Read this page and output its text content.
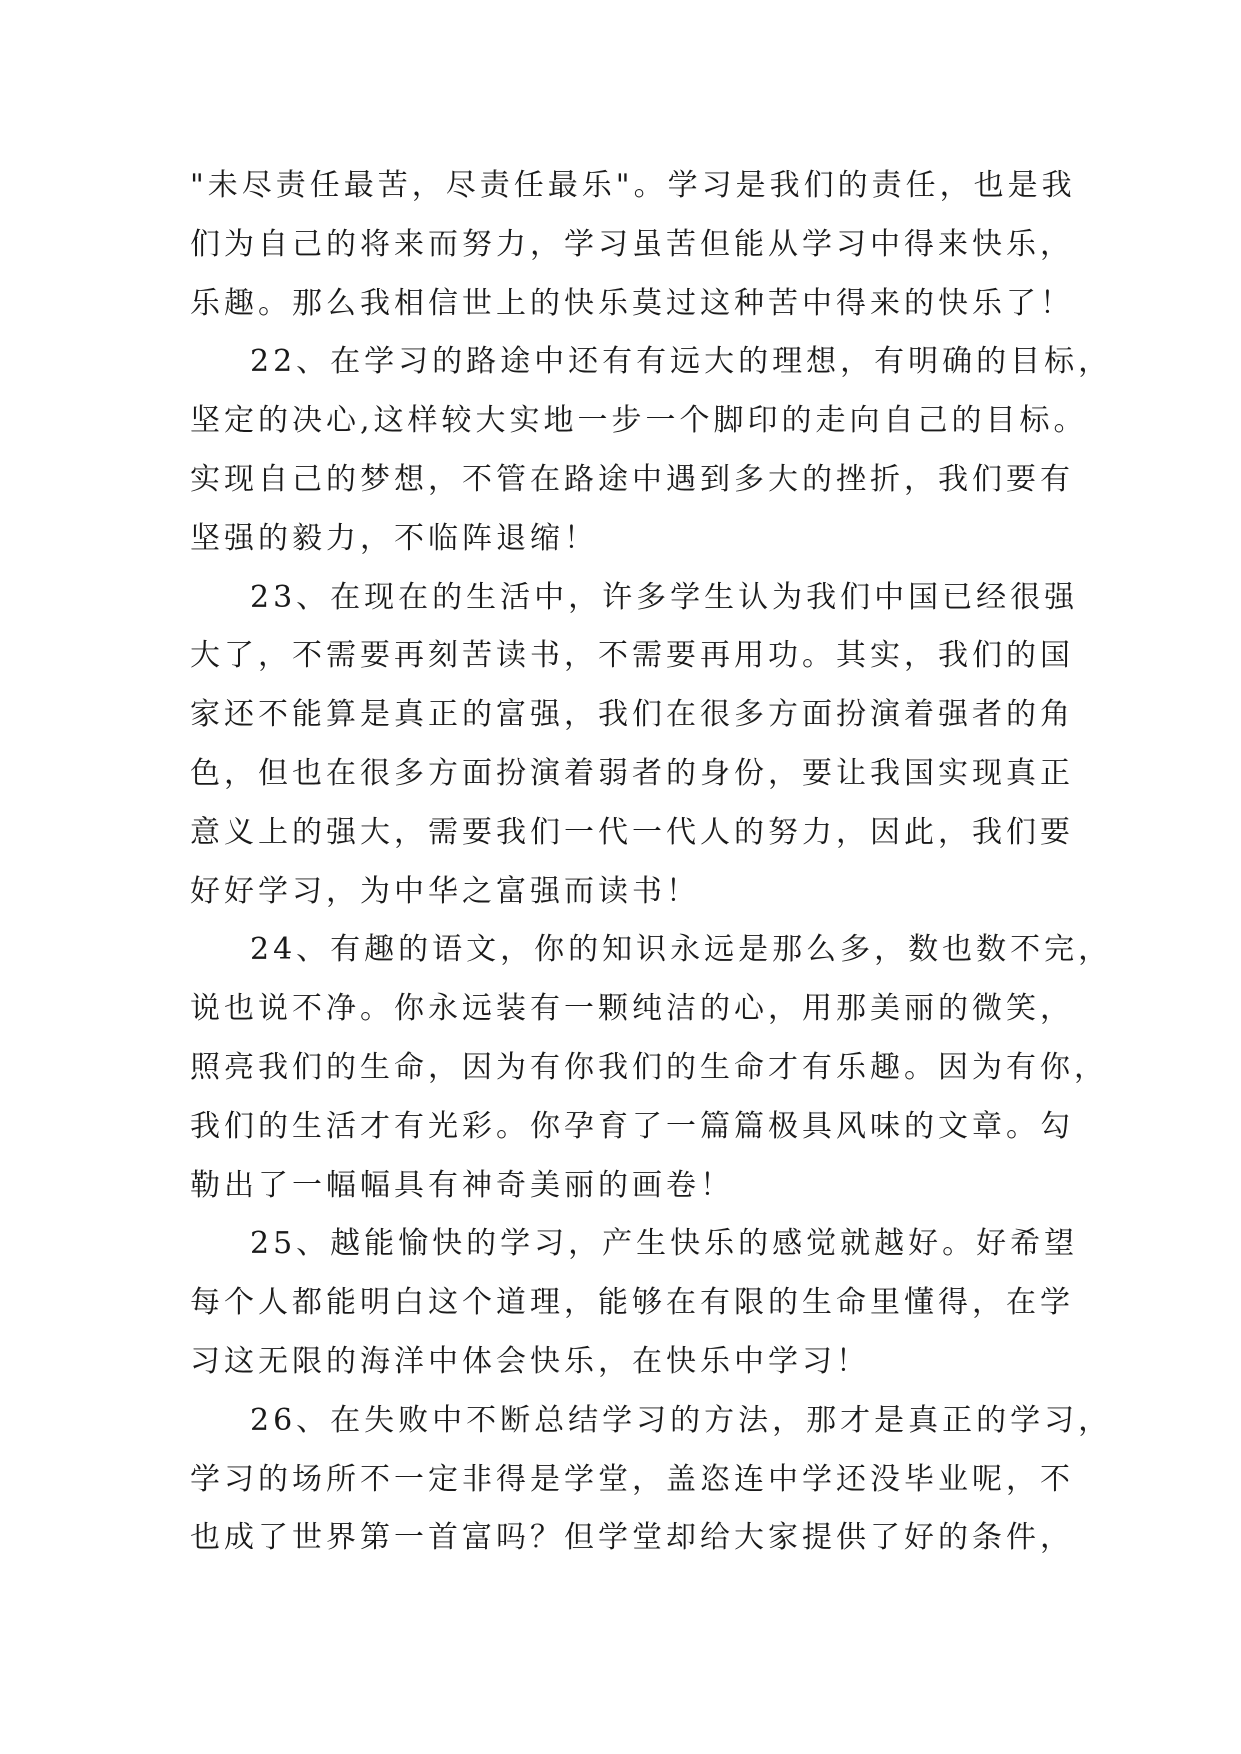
"未尽责任最苦，尽责任最乐"。学习是我们的责任，也是我
们为自己的将来而努力，学习虽苦但能从学习中得来快乐，
乐趣。那么我相信世上的快乐莫过这种苦中得来的快乐了！
22、在学习的路途中还有有远大的理想，有明确的目标，
坚定的决心,这样较大实地一步一个脚印的走向自己的目标。
实现自己的梦想，不管在路途中遇到多大的挫折，我们要有
坚强的毅力，不临阵退缩！
23、在现在的生活中，许多学生认为我们中国已经很强
大了，不需要再刻苦读书，不需要再用功。其实，我们的国
家还不能算是真正的富强，我们在很多方面扮演着强者的角
色，但也在很多方面扮演着弱者的身份，要让我国实现真正
意义上的强大，需要我们一代一代人的努力，因此，我们要
好好学习，为中华之富强而读书！
24、有趣的语文，你的知识永远是那么多，数也数不完，
说也说不净。你永远装有一颗纯洁的心，用那美丽的微笑，
照亮我们的生命，因为有你我们的生命才有乐趣。因为有你，
我们的生活才有光彩。你孕育了一篇篇极具风味的文章。勾
勒出了一幅幅具有神奇美丽的画卷！
25、越能愉快的学习，产生快乐的感觉就越好。好希望
每个人都能明白这个道理，能够在有限的生命里懂得，在学
习这无限的海洋中体会快乐，在快乐中学习！
26、在失败中不断总结学习的方法，那才是真正的学习，
学习的场所不一定非得是学堂，盖恣连中学还没毕业呢，不
也成了世界第一首富吗？但学堂却给大家提供了好的条件，
